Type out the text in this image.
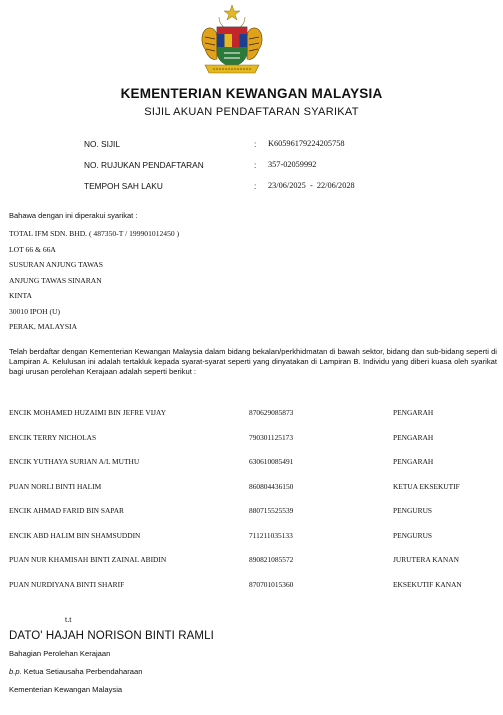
KEMENTERIAN KEWANGAN MALAYSIA
SIJIL AKUAN PENDAFTARAN SYARIKAT
NO. SIJIL	:	K60596179224205758
NO. RUJUKAN PENDAFTARAN	:	357-02059992
TEMPOH SAH LAKU	:	23/06/2025  -  22/06/2028
Bahawa dengan ini diperakui syarikat :
TOTAL IFM SDN. BHD. ( 487350-T / 199901012450 )
LOT 66 & 66A
SUSURAN ANJUNG TAWAS
ANJUNG TAWAS SINARAN
KINTA
30010 IPOH (U)
PERAK, MALAYSIA
Telah berdaftar dengan Kementerian Kewangan Malaysia dalam bidang bekalan/perkhidmatan di bawah sektor, bidang dan sub-bidang seperti di Lampiran A. Kelulusan ini adalah tertakluk kepada syarat-syarat seperti yang dinyatakan di Lampiran B. Individu yang diberi kuasa oleh syarikat bagi urusan perolehan Kerajaan adalah seperti berikut :
ENCIK MOHAMED HUZAIMI BIN JEFRE VIJAY	870629085873	PENGARAH
ENCIK TERRY NICHOLAS	790301125173	PENGARAH
ENCIK YUTHAYA SURIAN A/L MUTHU	630610085491	PENGARAH
PUAN NORLI BINTI HALIM	860804436150	KETUA EKSEKUTIF
ENCIK AHMAD FARID BIN SAPAR	880715525539	PENGURUS
ENCIK ABD HALIM BIN SHAMSUDDIN	711211035133	PENGURUS
PUAN NUR KHAMISAH BINTI ZAINAL ABIDIN	890821085572	JURUTERA KANAN
PUAN NURDIYANA BINTI SHARIF	870701015360	EKSEKUTIF KANAN
t.t
DATO' HAJAH NORISON BINTI RAMLI
Bahagian Perolehan Kerajaan
b.p. Ketua Setiausaha Perbendaharaan
Kementerian Kewangan Malaysia
